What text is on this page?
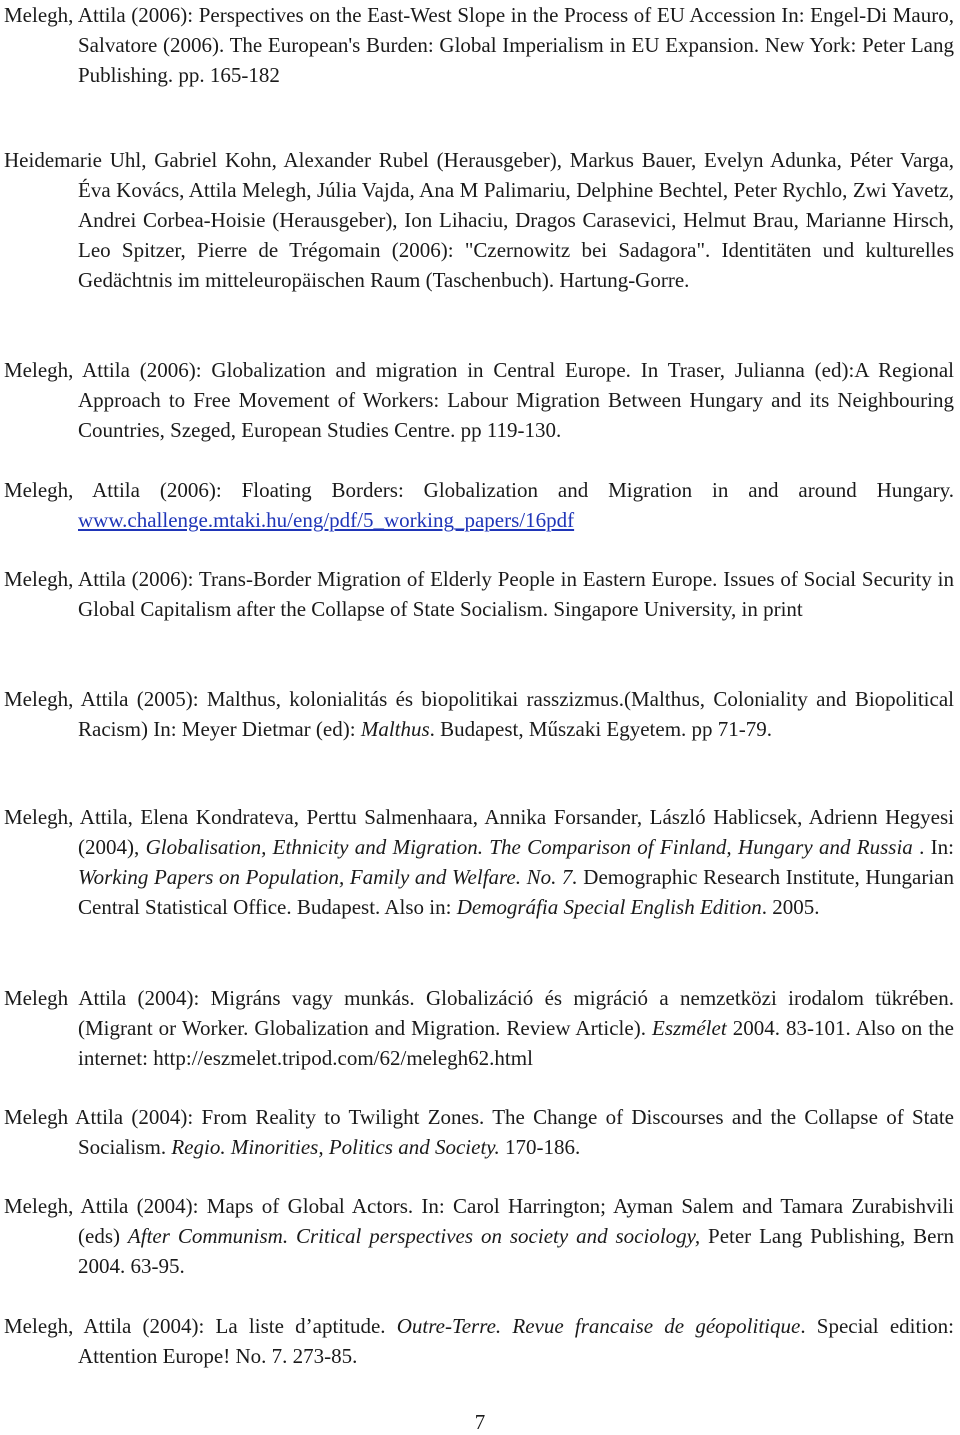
Melegh, Attila (2006): Perspectives on the East-West Slope in the Process of EU Accession In: Engel-Di Mauro, Salvatore (2006). The European's Burden: Global Imperialism in EU Expansion. New York: Peter Lang Publishing. pp. 165-182

Heidemarie Uhl, Gabriel Kohn, Alexander Rubel (Herausgeber), Markus Bauer, Evelyn Adunka, Péter Varga, Éva Kovács, Attila Melegh, Júlia Vajda, Ana M Palimariu, Delphine Bechtel, Peter Rychlo, Zwi Yavetz, Andrei Corbea-Hoisie (Herausgeber), Ion Lihaciu, Dragos Carasevici, Helmut Brau, Marianne Hirsch, Leo Spitzer, Pierre de Trégomain (2006): "Czernowitz bei Sadagora". Identitäten und kulturelles Gedächtnis im mitteleuropäischen Raum (Taschenbuch). Hartung-Gorre.

Melegh, Attila (2006): Globalization and migration in Central Europe. In Traser, Julianna (ed):A Regional Approach to Free Movement of Workers: Labour Migration Between Hungary and its Neighbouring Countries, Szeged, European Studies Centre. pp 119-130.

Melegh, Attila (2006): Floating Borders: Globalization and Migration in and around Hungary. www.challenge.mtaki.hu/eng/pdf/5_working_papers/16pdf

Melegh, Attila (2006): Trans-Border Migration of Elderly People in Eastern Europe. Issues of Social Security in Global Capitalism after the Collapse of State Socialism. Singapore University, in print

Melegh, Attila (2005): Malthus, kolonialitás és biopolitikai rasszizmus.(Malthus, Coloniality and Biopolitical Racism) In: Meyer Dietmar (ed): Malthus. Budapest, Műszaki Egyetem. pp 71-79.

Melegh, Attila, Elena Kondrateva, Perttu Salmenhaara, Annika Forsander, László Hablicsek, Adrienn Hegyesi (2004), Globalisation, Ethnicity and Migration. The Comparison of Finland, Hungary and Russia . In: Working Papers on Population, Family and Welfare. No. 7. Demographic Research Institute, Hungarian Central Statistical Office. Budapest. Also in: Demográfia Special English Edition. 2005.

Melegh Attila (2004): Migráns vagy munkás. Globalizáció és migráció a nemzetközi irodalom tükrében. (Migrant or Worker. Globalization and Migration. Review Article). Eszmélet 2004. 83-101. Also on the internet: http://eszmelet.tripod.com/62/melegh62.html

Melegh Attila (2004): From Reality to Twilight Zones. The Change of Discourses and the Collapse of State Socialism. Regio. Minorities, Politics and Society. 170-186.

Melegh, Attila (2004): Maps of Global Actors. In: Carol Harrington; Ayman Salem and Tamara Zurabishvili (eds) After Communism. Critical perspectives on society and sociology, Peter Lang Publishing, Bern 2004. 63-95.

Melegh, Attila (2004): La liste d’aptitude. Outre-Terre. Revue francaise de géopolitique. Special edition: Attention Europe! No. 7. 273-85.

7
